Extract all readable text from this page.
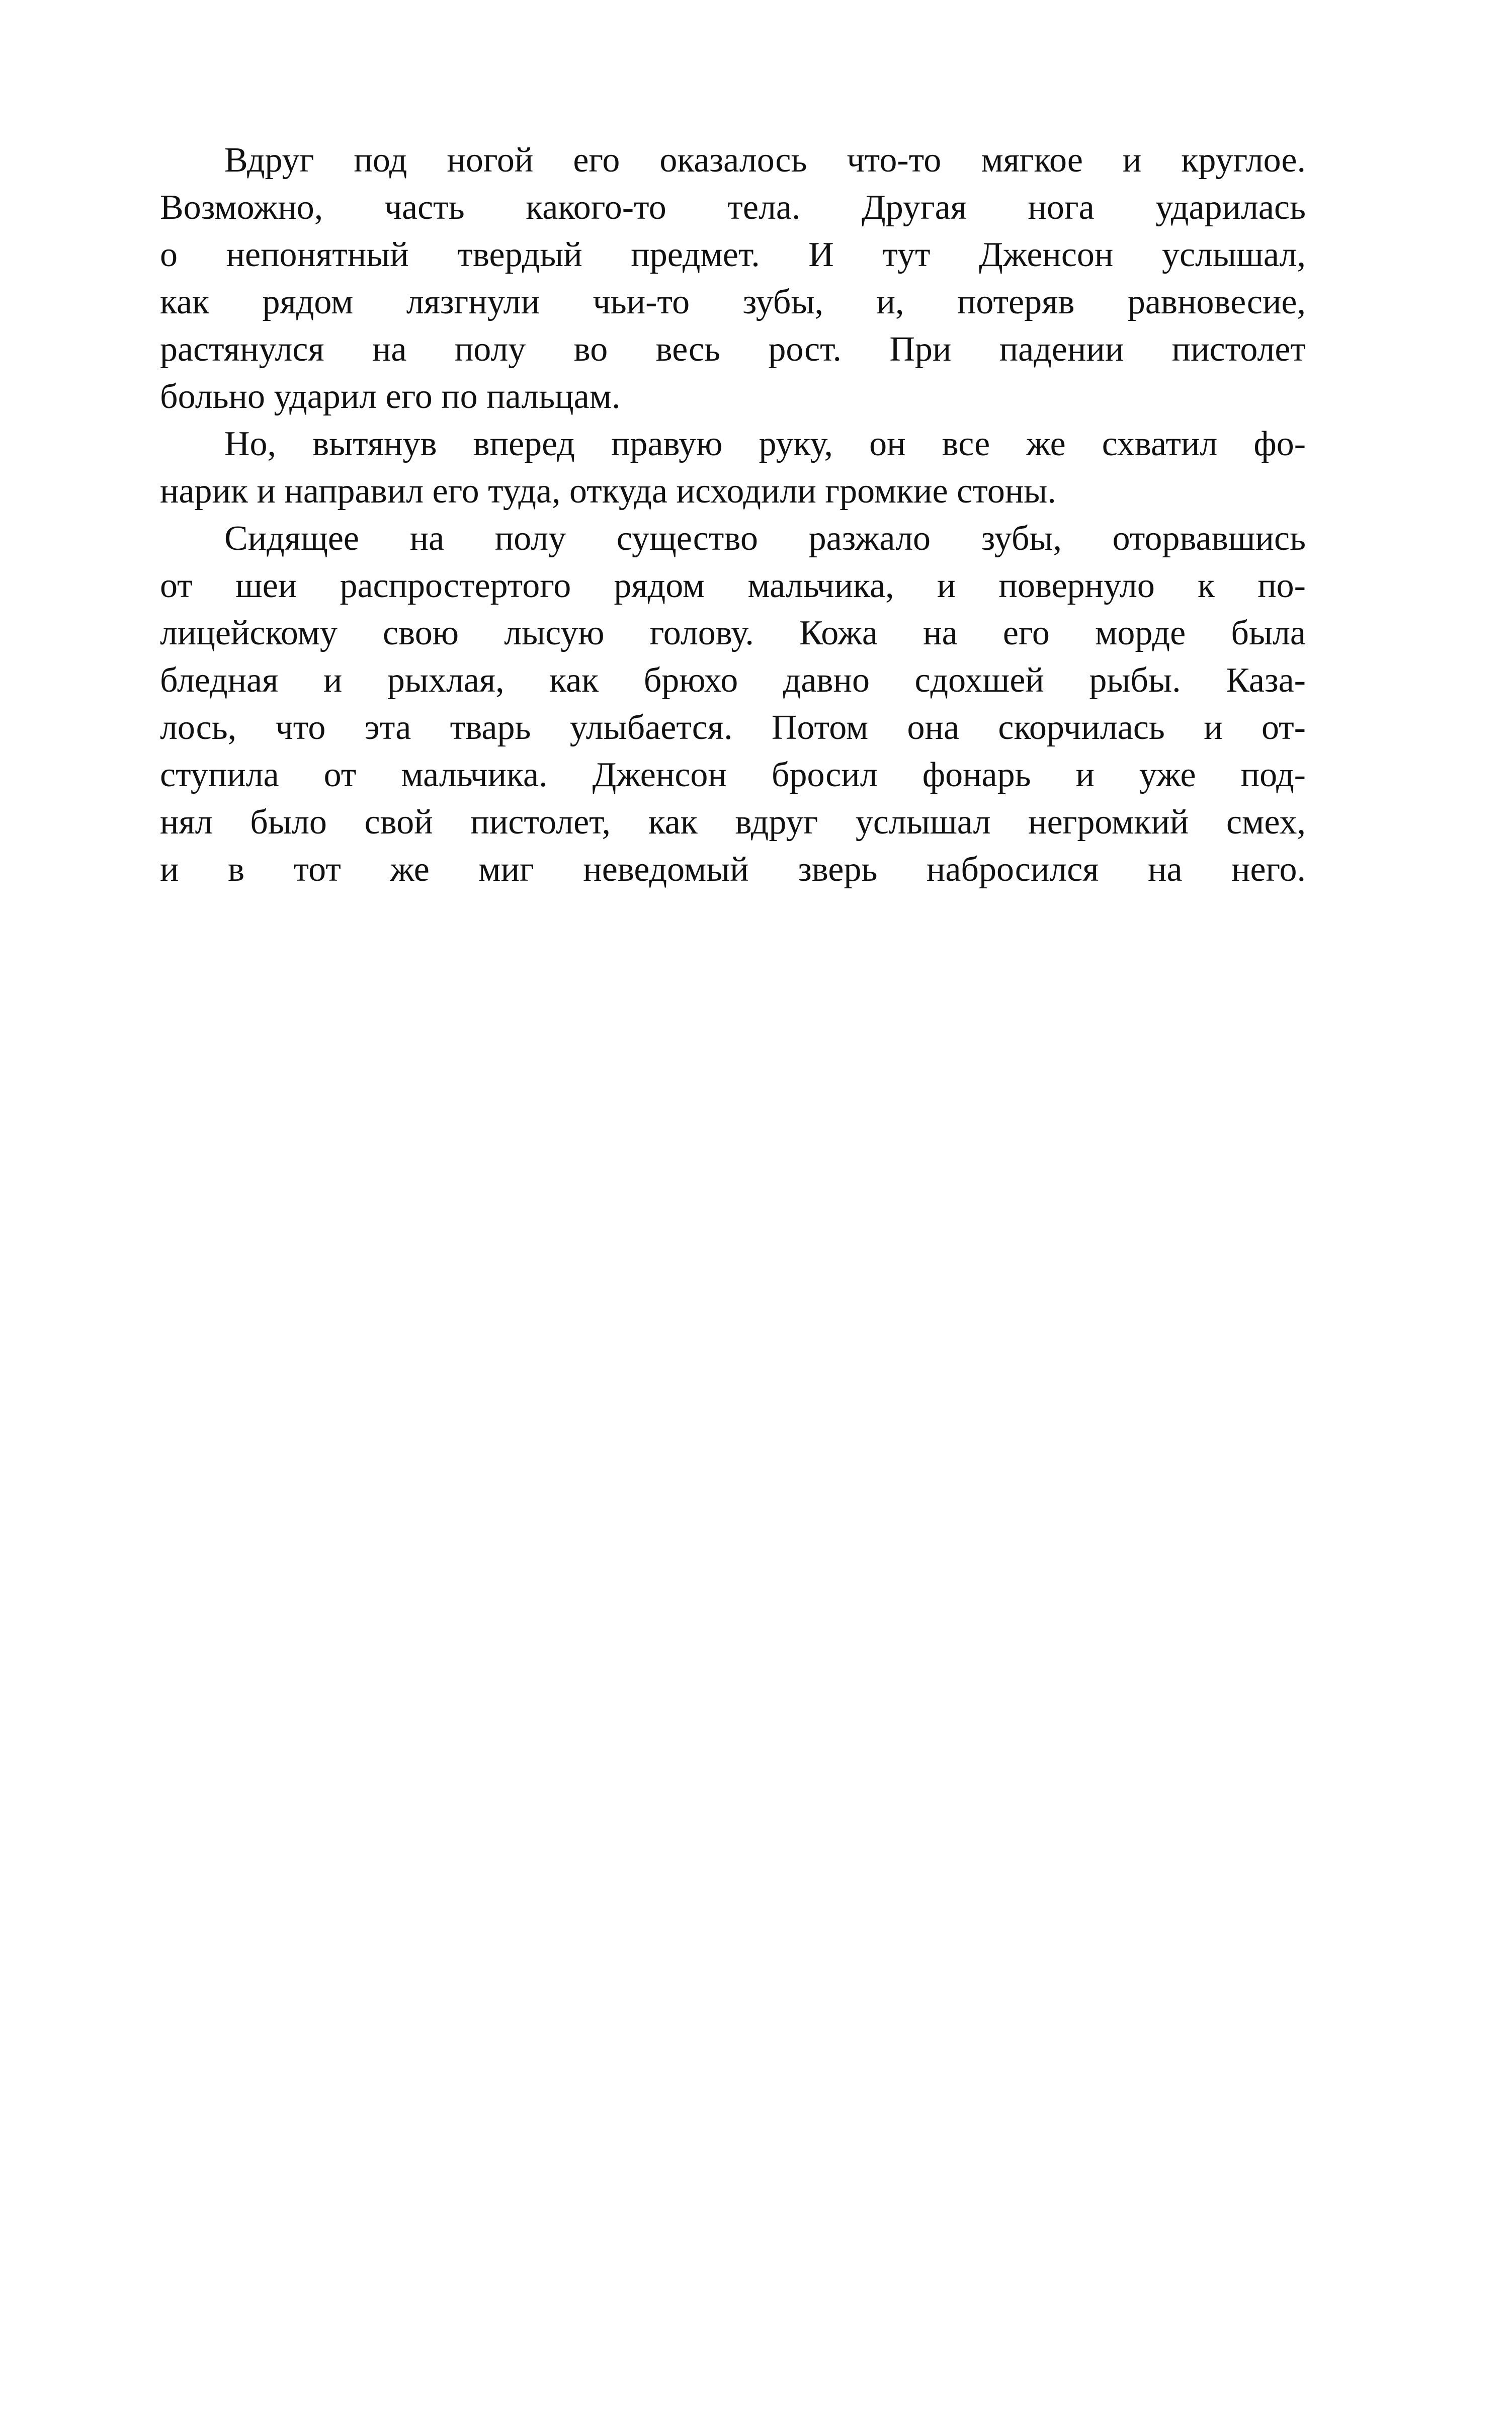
Вдруг под ногой его оказалось что-то мягкое и круглое.
Возможно, часть какого-то тела. Другая нога ударилась
о непонятный твердый предмет. И тут Дженсон услышал,
как рядом лязгнули чьи-то зубы, и, потеряв равновесие,
растянулся на полу во весь рост. При падении пистолет
больно ударил его по пальцам.
Но, вытянув вперед правую руку, он все же схватил фо-
нарик и направил его туда, откуда исходили громкие стоны.
Сидящее на полу существо разжало зубы, оторвавшись
от шеи распростертого рядом мальчика, и повернуло к по-
лицейскому свою лысую голову. Кожа на его морде была
бледная и рыхлая, как брюхо давно сдохшей рыбы. Каза-
лось, что эта тварь улыбается. Потом она скорчилась и от-
ступила от мальчика. Дженсон бросил фонарь и уже под-
нял было свой пистолет, как вдруг услышал негромкий смех,
и в тот же миг неведомый зверь набросился на него.
